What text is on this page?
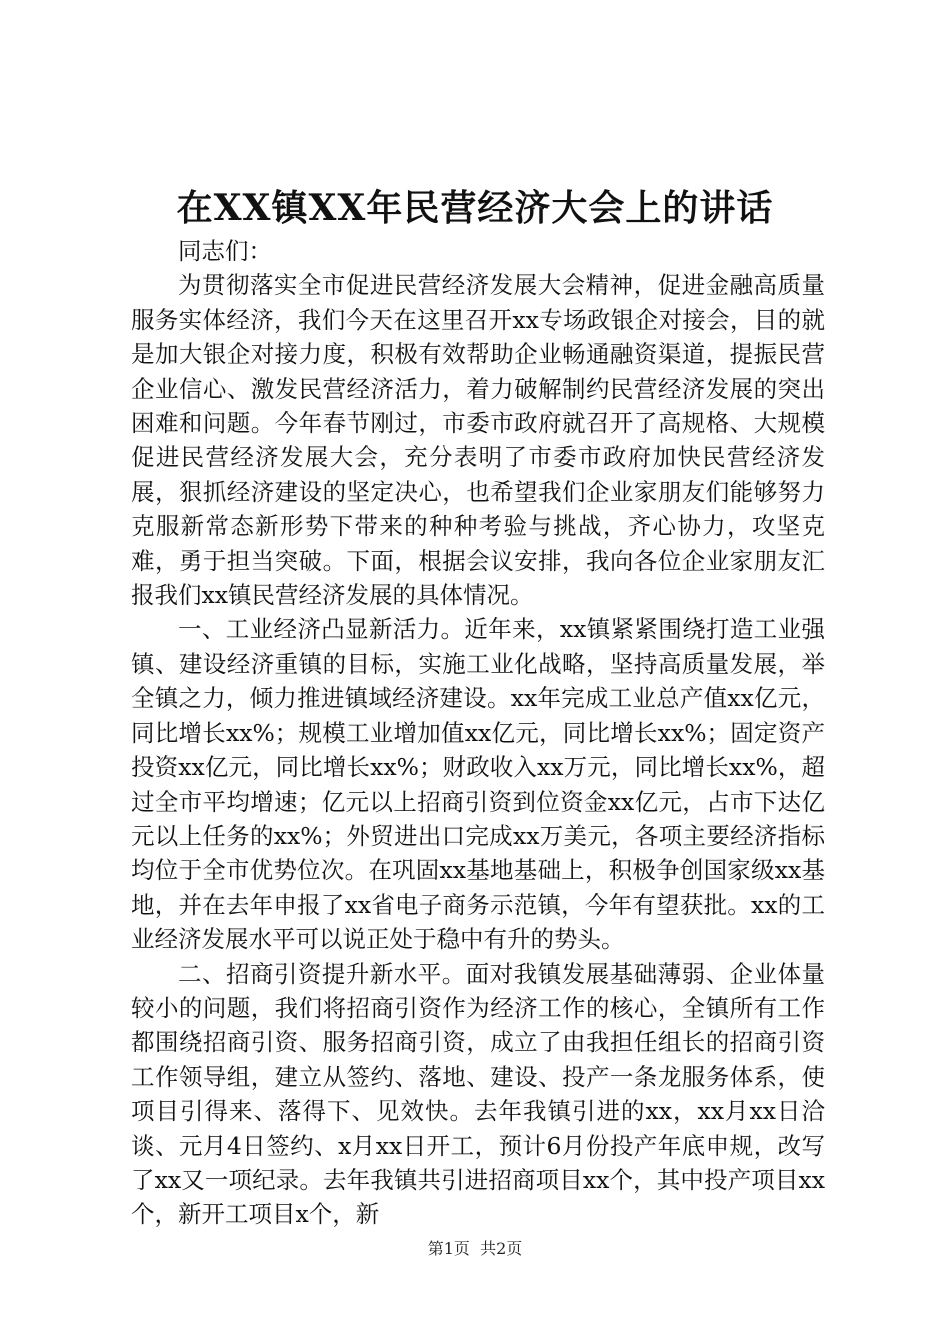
在XX镇XX年民营经济大会上的讲话

同志们：

为贯彻落实全市促进民营经济发展大会精神，促进金融高质量服务实体经济，我们今天在这里召开xx专场政银企对接会，目的就是加大银企对接力度，积极有效帮助企业畅通融资渠道，提振民营企业信心、激发民营经济活力，着力破解制约民营经济发展的突出困难和问题。今年春节刚过，市委市政府就召开了高规格、大规模促进民营经济发展大会，充分表明了市委市政府加快民营经济发展，狠抓经济建设的坚定决心，也希望我们企业家朋友们能够努力克服新常态新形势下带来的种种考验与挑战，齐心协力，攻坚克难，勇于担当突破。下面，根据会议安排，我向各位企业家朋友汇报我们xx镇民营经济发展的具体情况。

一、工业经济凸显新活力。近年来，xx镇紧紧围绕打造工业强镇、建设经济重镇的目标，实施工业化战略，坚持高质量发展，举全镇之力，倾力推进镇域经济建设。xx年完成工业总产值xx亿元，同比增长xx%；规模工业增加值xx亿元，同比增长xx%；固定资产投资xx亿元，同比增长xx%；财政收入xx万元，同比增长xx%，超过全市平均增速；亿元以上招商引资到位资金xx亿元，占市下达亿元以上任务的xx%；外贸进出口完成xx万美元，各项主要经济指标均位于全市优势位次。在巩固xx基地基础上，积极争创国家级xx基地，并在去年申报了xx省电子商务示范镇，今年有望获批。xx的工业经济发展水平可以说正处于稳中有升的势头。

二、招商引资提升新水平。面对我镇发展基础薄弱、企业体量较小的问题，我们将招商引资作为经济工作的核心，全镇所有工作都围绕招商引资、服务招商引资，成立了由我担任组长的招商引资工作领导组，建立从签约、落地、建设、投产一条龙服务体系，使项目引得来、落得下、见效快。去年我镇引进的xx，xx月xx日洽谈、元月4日签约、x月xx日开工，预计6月份投产年底申规，改写了xx又一项纪录。去年我镇共引进招商项目xx个，其中投产项目xx个，新开工项目x个，新

第1页 共2页
